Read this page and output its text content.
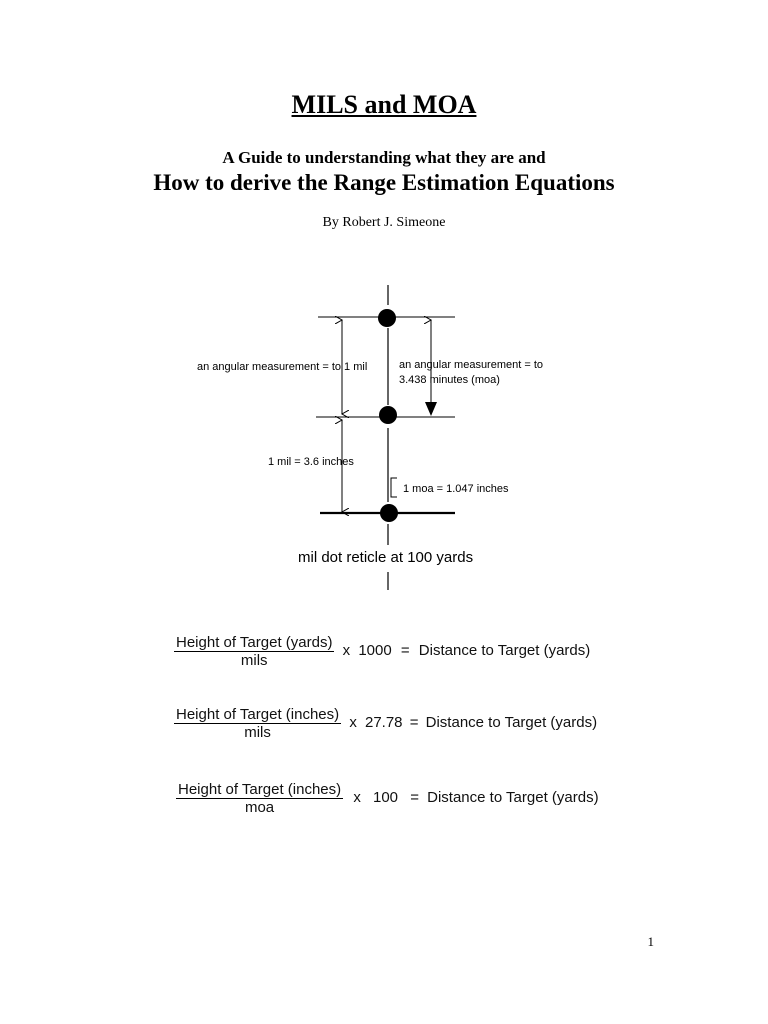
MILS and MOA
A Guide to understanding what they are and
How to derive the Range Estimation Equations
By Robert J. Simeone
an angular measurement = to 1 mil	an angular measurement = to
3.438 minutes (moa)
1 mil = 3.6 inches
1 moa = 1.047 inches
mil dot reticle at 100 yards
$\frac{\text{Height of Target (yards)}}{\text{mils}}$ x 1000 = Distance to Target (yards)
$\frac{\text{Height of Target (inches)}}{\text{mils}}$ x 27.78 = Distance to Target (yards)
$\frac{\text{Height of Target (inches)}}{\text{moa}}$ x 100 = Distance to Target (yards)
1
